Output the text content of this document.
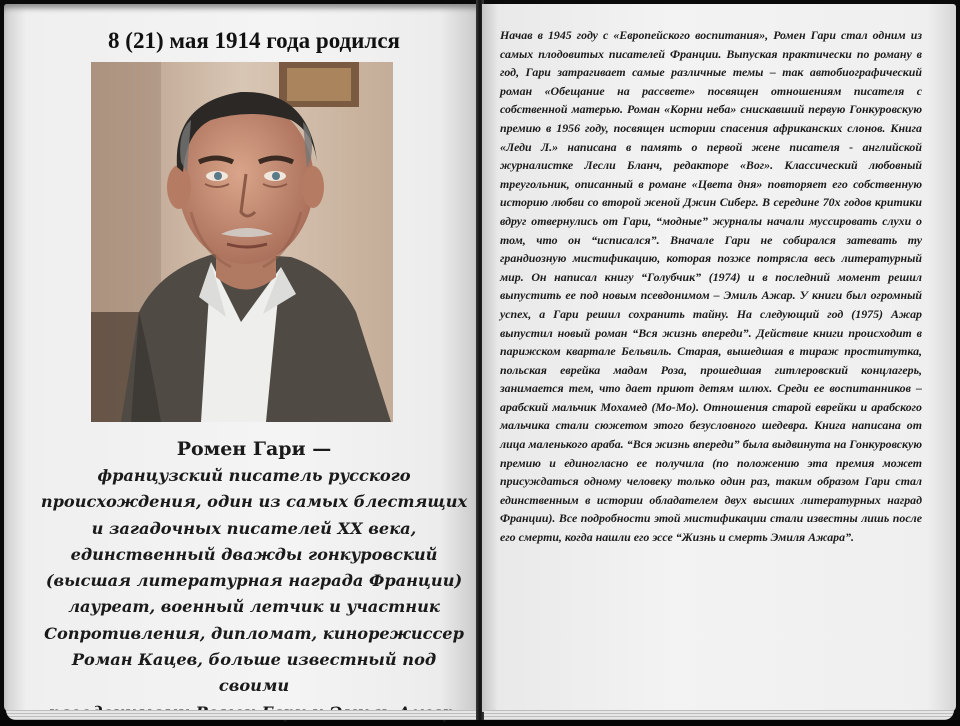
8 (21) мая 1914 года родился
Ромен Гари —
французский писатель русского
происхождения, один из самых блестящих
и загадочных писателей XX века,
единственный дважды гонкуровский
(высшая литературная награда Франции)
лауреат, военный летчик и участник
Сопротивления, дипломат, кинорежиссер
Роман Кацев, больше известный под своими
Начав в 1945 году с «Европейского воспитания», Ромен Гари стал одним из самых плодовитых писателей Франции. Выпуская практически по роману в год, Гари затрагивает самые различные темы – так автобиографический роман «Обещание на рассвете» посвящен отношениям писателя с собственной матерью. Роман «Корни неба» снискавший первую Гонкуровскую премию в 1956 году, посвящен истории спасения африканских слонов. Книга «Леди Л.» написана в память о первой жене писателя - английской журналистке Лесли Бланч, редакторе «Вог». Классический любовный треугольник, описанный в романе «Цвета дня» повторяет его собственную историю любви со второй женой Джин Сиберг. В середине 70х годов критики вдруг отвернулись от Гари, “модные” журналы начали муссировать слухи о том, что он “исписался”. Вначале Гари не собирался затевать ту грандиозную мистификацию, которая позже потрясла весь литературный мир. Он написал книгу “Голубчик” (1974) и в последний момент решил выпустить ее под новым псевдонимом – Эмиль Ажар. У книги был огромный успех, а Гари решил сохранить тайну. На следующий год (1975) Ажар выпустил новый роман “Вся жизнь впереди”. Действие книги происходит в парижском квартале Бельвиль. Старая, вышедшая в тираж проститутка, польская еврейка мадам Роза, прошедшая гитлеровский концлагерь, занимается тем, что дает приют детям шлюх. Среди ее воспитанников – арабский мальчик Мохамед (Мо-Мо). Отношения старой еврейки и арабского мальчика стали сюжетом этого безусловного шедевра. Книга написана от лица маленького араба. “Вся жизнь впереди” была выдвинута на Гонкуровскую премию и единогласно ее получила (по положению эта премия может присуждаться одному человеку только один раз, таким образом Гари стал единственным в истории обладателем двух высших литературных наград Франции). Все подробности этой мистификации стали известны лишь после его смерти, когда нашли его эссе “Жизнь и смерть Эмиля Ажара”.
